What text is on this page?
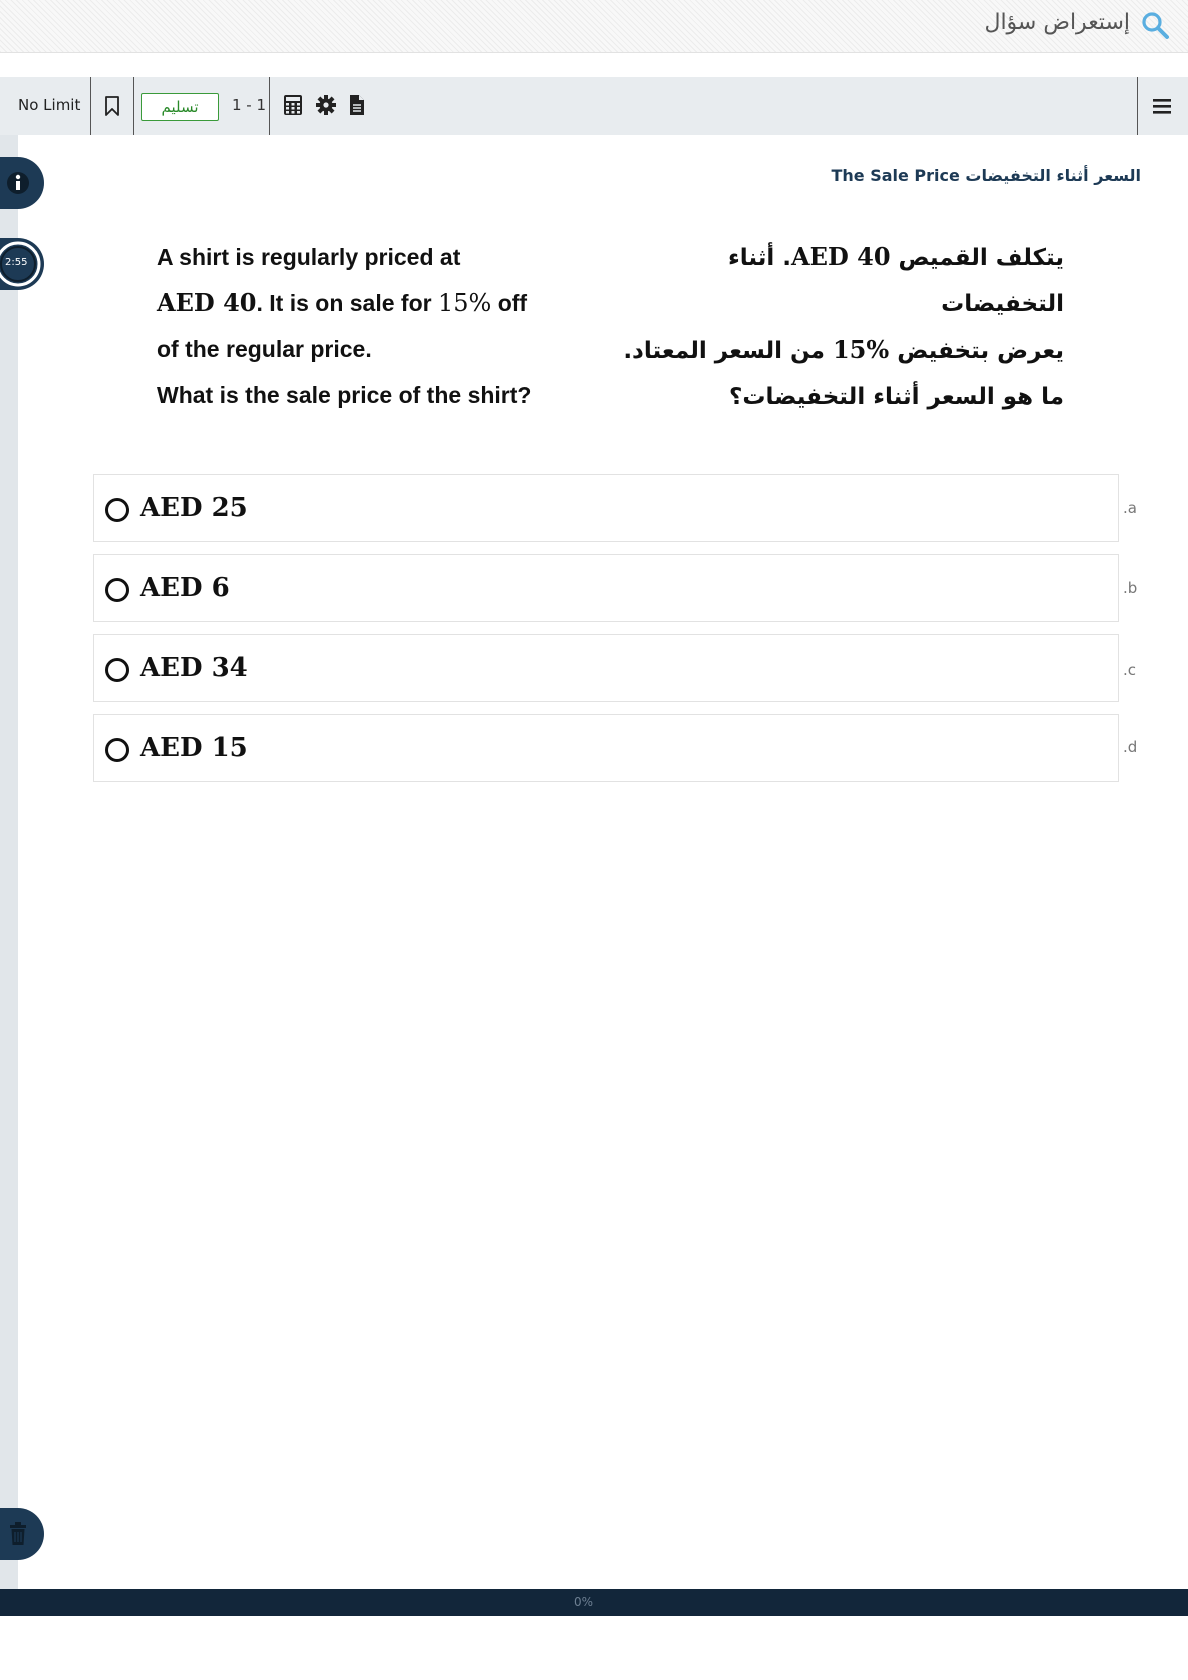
إستعراض سؤال
No Limit	تسليم	1 - 1
2:55
السعر أثناء التخفيضات The Sale Price
A shirt is regularly priced at
AED 40. It is on sale for 15% off
of the regular price.
What is the sale price of the shirt?
يتكلف القميص AED 40. أثناء التخفيضات
يعرض بتخفيض 15% من السعر المعتاد.
ما هو السعر أثناء التخفيضات؟
AED 25	.a
AED 6	.b
AED 34	.c
AED 15	.d
0%
